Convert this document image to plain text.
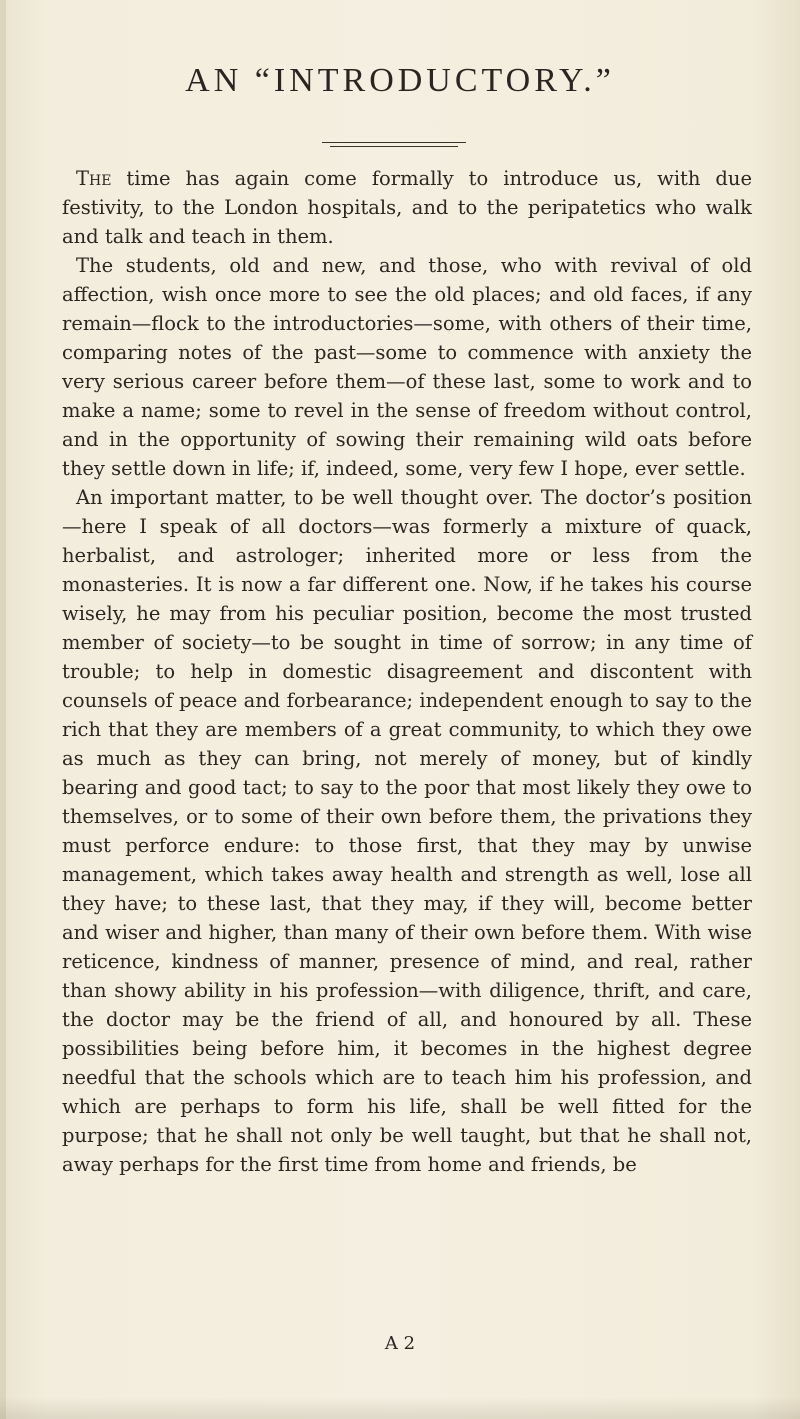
AN “INTRODUCTORY.”

The time has again come formally to introduce us, with due festivity, to the London hospitals, and to the peripatetics who walk and talk and teach in them.

The students, old and new, and those, who with revival of old affection, wish once more to see the old places; and old faces, if any remain—flock to the introductories—some, with others of their time, comparing notes of the past—some to commence with anxiety the very serious career before them—of these last, some to work and to make a name; some to revel in the sense of freedom without control, and in the opportunity of sowing their remaining wild oats before they settle down in life; if, indeed, some, very few I hope, ever settle.

An important matter, to be well thought over. The doctor’s position—here I speak of all doctors—was formerly a mixture of quack, herbalist, and astrologer; inherited more or less from the monasteries. It is now a far different one. Now, if he takes his course wisely, he may from his peculiar position, become the most trusted member of society—to be sought in time of sorrow; in any time of trouble; to help in domestic disagreement and discontent with counsels of peace and forbearance; independent enough to say to the rich that they are members of a great community, to which they owe as much as they can bring, not merely of money, but of kindly bearing and good tact; to say to the poor that most likely they owe to themselves, or to some of their own before them, the privations they must perforce endure: to those first, that they may by unwise management, which takes away health and strength as well, lose all they have; to these last, that they may, if they will, become better and wiser and higher, than many of their own before them. With wise reticence, kindness of manner, presence of mind, and real, rather than showy ability in his profession—with diligence, thrift, and care, the doctor may be the friend of all, and honoured by all. These possibilities being before him, it becomes in the highest degree needful that the schools which are to teach him his profession, and which are perhaps to form his life, shall be well fitted for the purpose; that he shall not only be well taught, but that he shall not, away perhaps for the first time from home and friends, be

A 2
